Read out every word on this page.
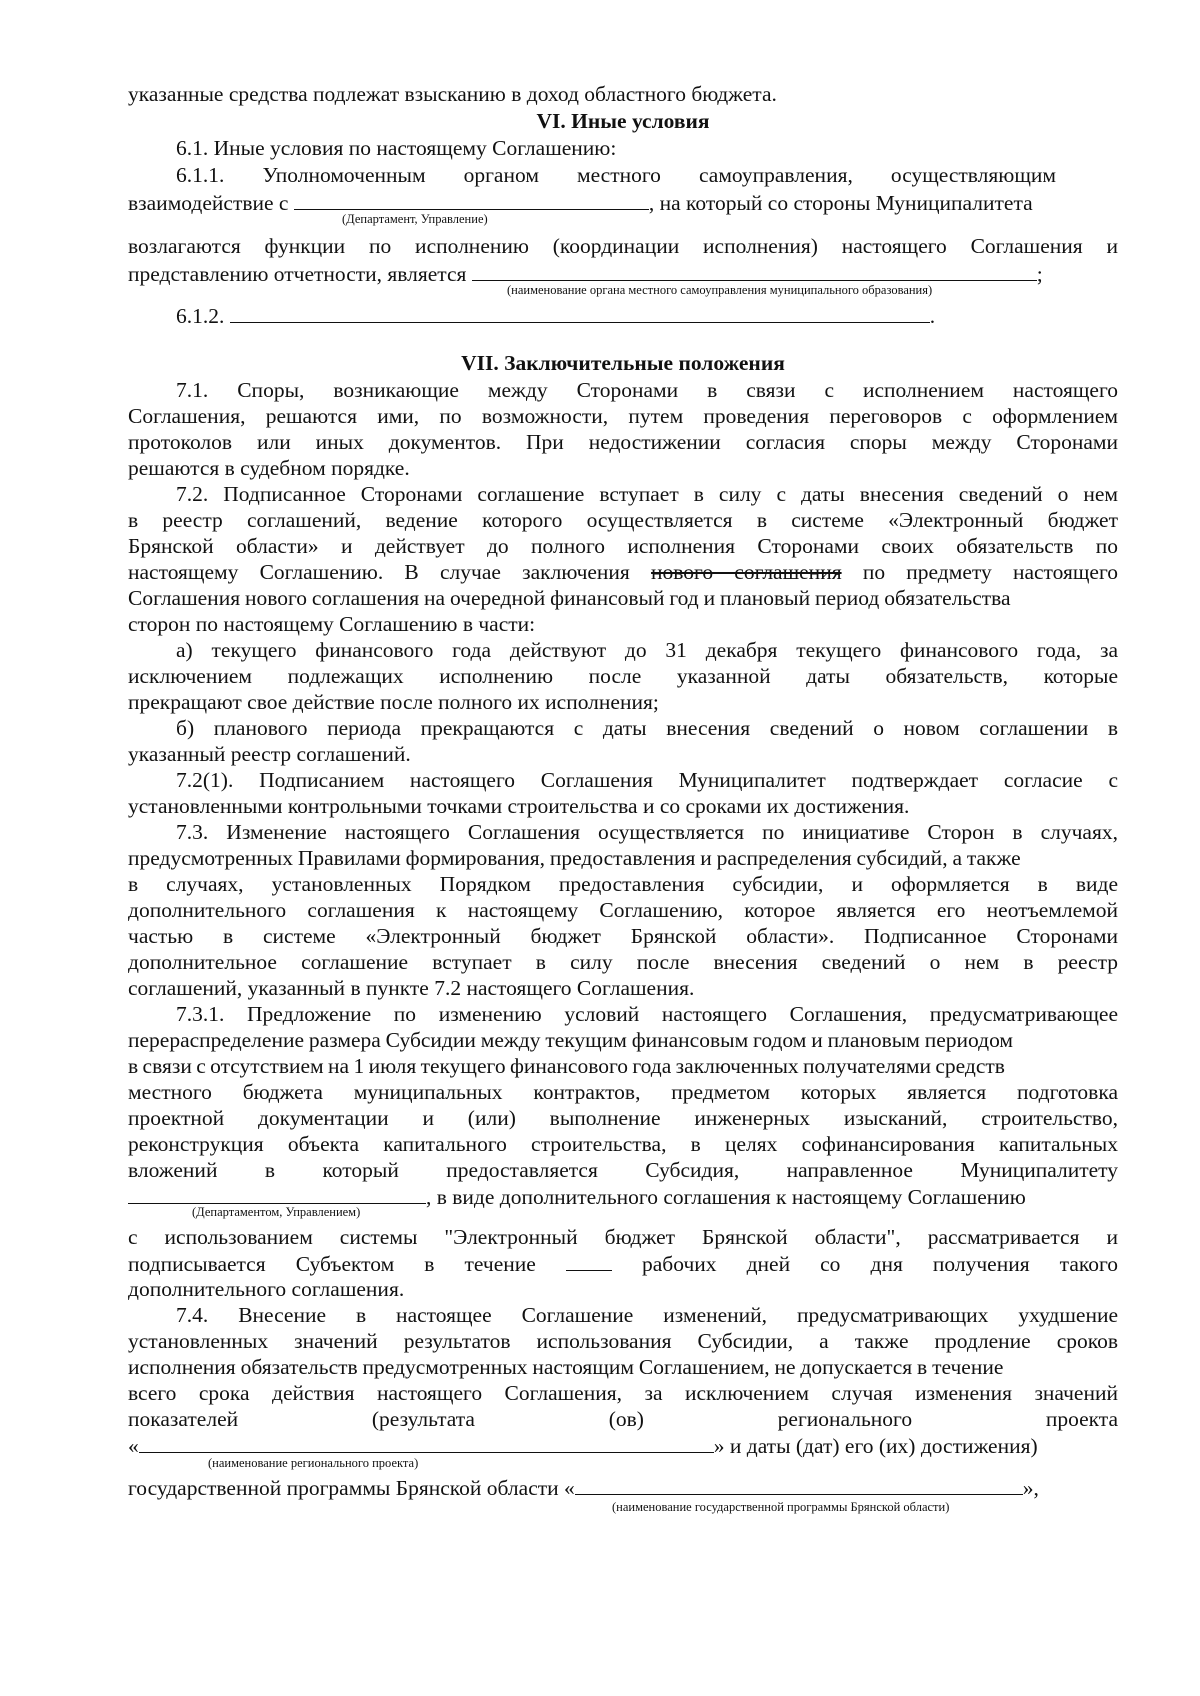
указанные средства подлежат взысканию в доход областного бюджета.
VI. Иные условия
6.1. Иные условия по настоящему Соглашению:
6.1.1. Уполномоченным органом местного самоуправления, осуществляющим
взаимодействие с	, на который со стороны Муниципалитета
(Департамент, Управление)
возлагаются функции по исполнению (координации исполнения) настоящего Соглашения и
представлению отчетности, является	;
(наименование органа местного самоуправления муниципального образования)
6.1.2.	.
VII. Заключительные положения
7.1. Споры, возникающие между Сторонами в связи с исполнением настоящего
Соглашения, решаются ими, по возможности, путем проведения переговоров с оформлением
протоколов или иных документов. При недостижении согласия споры между Сторонами
решаются в судебном порядке.
7.2. Подписанное Сторонами соглашение вступает в силу с даты внесения сведений о нем
в реестр соглашений, ведение которого осуществляется в системе «Электронный бюджет
Брянской области» и действует до полного исполнения Сторонами своих обязательств по
настоящему Соглашению. В случае заключения нового соглашения по предмету настоящего
Соглашения нового соглашения на очередной финансовый год и плановый период обязательства
сторон по настоящему Соглашению в части:
а) текущего финансового года действуют до 31 декабря текущего финансового года, за
исключением подлежащих исполнению после указанной даты обязательств, которые
прекращают свое действие после полного их исполнения;
б) планового периода прекращаются с даты внесения сведений о новом соглашении в
указанный реестр соглашений.
7.2(1). Подписанием настоящего Соглашения Муниципалитет подтверждает согласие с
установленными контрольными точками строительства и со сроками их достижения.
7.3. Изменение настоящего Соглашения осуществляется по инициативе Сторон в случаях,
предусмотренных Правилами формирования, предоставления и распределения субсидий, а также
в случаях, установленных Порядком предоставления субсидии, и оформляется в виде
дополнительного соглашения к настоящему Соглашению, которое является его неотъемлемой
частью в системе «Электронный бюджет Брянской области». Подписанное Сторонами
дополнительное соглашение вступает в силу после внесения сведений о нем в реестр
соглашений, указанный в пункте 7.2 настоящего Соглашения.
7.3.1. Предложение по изменению условий настоящего Соглашения, предусматривающее
перераспределение размера Субсидии между текущим финансовым годом и плановым периодом
в связи с отсутствием на 1 июля текущего финансового года заключенных получателями средств
местного бюджета муниципальных контрактов, предметом которых является подготовка
проектной документации и (или) выполнение инженерных изысканий, строительство,
реконструкция объекта капитального строительства, в целях софинансирования капитальных
вложений в который предоставляется Субсидия, направленное Муниципалитету
, в виде дополнительного соглашения к настоящему Соглашению
(Департаментом, Управлением)
с использованием системы "Электронный бюджет Брянской области", рассматривается и
подписывается Субъектом в течение	рабочих дней со дня получения такого
дополнительного соглашения.
7.4. Внесение в настоящее Соглашение изменений, предусматривающих ухудшение
установленных значений результатов использования Субсидии, а также продление сроков
исполнения обязательств предусмотренных настоящим Соглашением, не допускается в течение
всего срока действия настоящего Соглашения, за исключением случая изменения значений
показателей (результата (ов) регионального проекта
«	» и даты (дат) его (их) достижения)
(наименование регионального проекта)
государственной программы Брянской области «	»,
(наименование государственной программы Брянской области)
